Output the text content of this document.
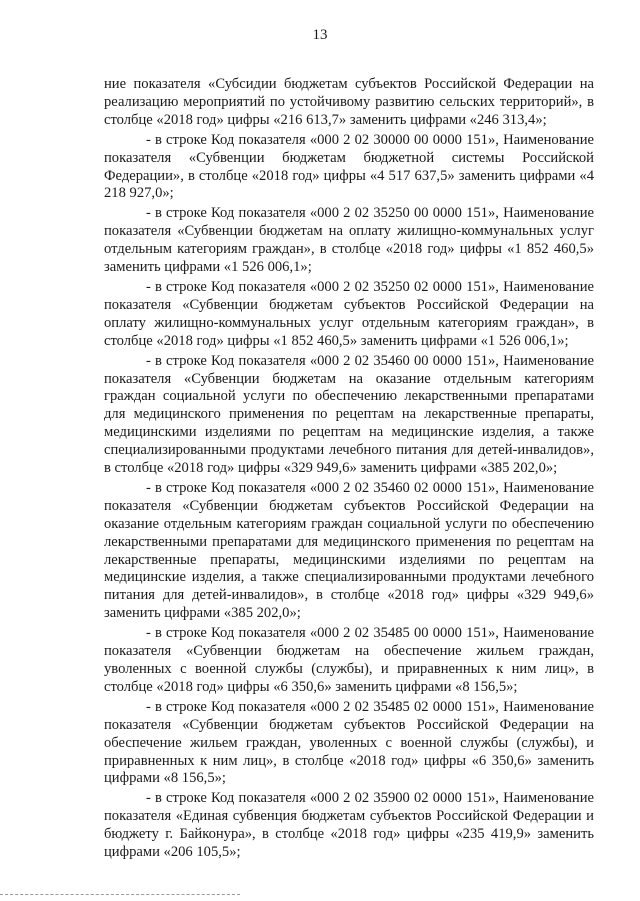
13

ние показателя «Субсидии бюджетам субъектов Российской Федерации на реализацию мероприятий по устойчивому развитию сельских территорий», в столбце «2018 год» цифры «216 613,7» заменить цифрами «246 313,4»;

- в строке Код показателя «000 2 02 30000 00 0000 151», Наименование показателя «Субвенции бюджетам бюджетной системы Российской Федерации», в столбце «2018 год» цифры «4 517 637,5» заменить цифрами «4 218 927,0»;

- в строке Код показателя «000 2 02 35250 00 0000 151», Наименование показателя «Субвенции бюджетам на оплату жилищно-коммунальных услуг отдельным категориям граждан», в столбце «2018 год» цифры «1 852 460,5» заменить цифрами «1 526 006,1»;

- в строке Код показателя «000 2 02 35250 02 0000 151», Наименование показателя «Субвенции бюджетам субъектов Российской Федерации на оплату жилищно-коммунальных услуг отдельным категориям граждан», в столбце «2018 год» цифры «1 852 460,5» заменить цифрами «1 526 006,1»;

- в строке Код показателя «000 2 02 35460 00 0000 151», Наименование показателя «Субвенции бюджетам на оказание отдельным категориям граждан социальной услуги по обеспечению лекарственными препаратами для медицинского применения по рецептам на лекарственные препараты, медицинскими изделиями по рецептам на медицинские изделия, а также специализированными продуктами лечебного питания для детей-инвалидов», в столбце «2018 год» цифры «329 949,6» заменить цифрами «385 202,0»;

- в строке Код показателя «000 2 02 35460 02 0000 151», Наименование показателя «Субвенции бюджетам субъектов Российской Федерации на оказание отдельным категориям граждан социальной услуги по обеспечению лекарственными препаратами для медицинского применения по рецептам на лекарственные препараты, медицинскими изделиями по рецептам на медицинские изделия, а также специализированными продуктами лечебного питания для детей-инвалидов», в столбце «2018 год» цифры «329 949,6» заменить цифрами «385 202,0»;

- в строке Код показателя «000 2 02 35485 00 0000 151», Наименование показателя «Субвенции бюджетам на обеспечение жильем граждан, уволенных с военной службы (службы), и приравненных к ним лиц», в столбце «2018 год» цифры «6 350,6» заменить цифрами «8 156,5»;

- в строке Код показателя «000 2 02 35485 02 0000 151», Наименование показателя «Субвенции бюджетам субъектов Российской Федерации на обеспечение жильем граждан, уволенных с военной службы (службы), и приравненных к ним лиц», в столбце «2018 год» цифры «6 350,6» заменить цифрами «8 156,5»;

- в строке Код показателя «000 2 02 35900 02 0000 151», Наименование показателя «Единая субвенция бюджетам субъектов Российской Федерации и бюджету г. Байконура», в столбце «2018 год» цифры «235 419,9» заменить цифрами «206 105,5»;
